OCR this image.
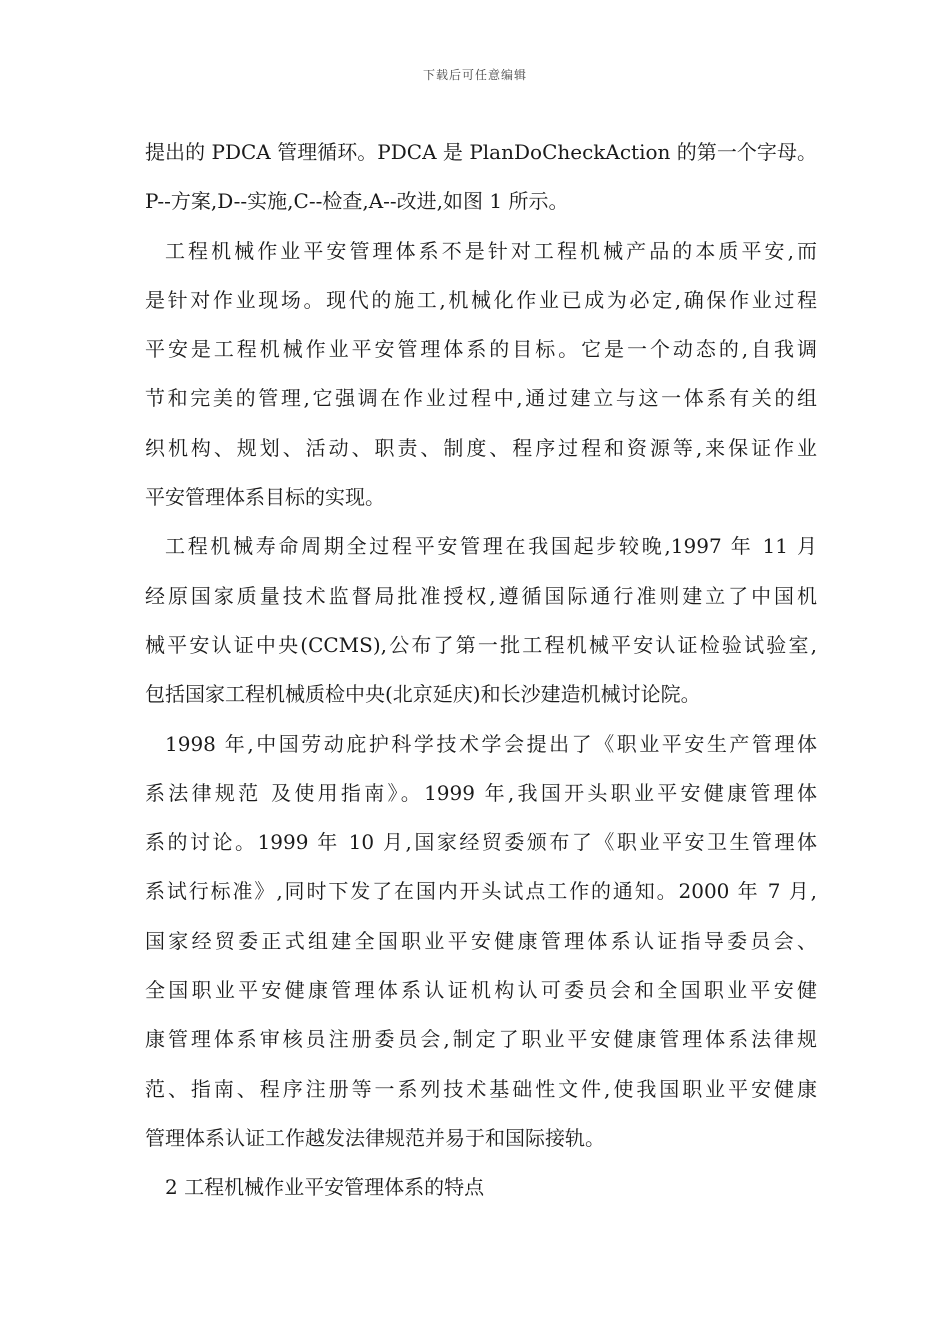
下载后可任意编辑
提出的 PDCA 管理循环。PDCA 是 PlanDoCheckAction 的第一个字母。
P--方案,D--实施,C--检查,A--改进,如图 1 所示。
工程机械作业平安管理体系不是针对工程机械产品的本质平安,而
是针对作业现场。现代的施工,机械化作业已成为必定,确保作业过程
平安是工程机械作业平安管理体系的目标。它是一个动态的,自我调
节和完美的管理,它强调在作业过程中,通过建立与这一体系有关的组
织机构、规划、活动、职责、制度、程序过程和资源等,来保证作业
平安管理体系目标的实现。
工程机械寿命周期全过程平安管理在我国起步较晚,1997 年 11 月
经原国家质量技术监督局批准授权,遵循国际通行准则建立了中国机
械平安认证中央(CCMS),公布了第一批工程机械平安认证检验试验室,
包括国家工程机械质检中央(北京延庆)和长沙建造机械讨论院。
1998 年,中国劳动庇护科学技术学会提出了《职业平安生产管理体
系法律规范 及使用指南》。1999 年,我国开头职业平安健康管理体
系的讨论。1999 年 10 月,国家经贸委颁布了《职业平安卫生管理体
系试行标准》,同时下发了在国内开头试点工作的通知。2000 年 7 月,
国家经贸委正式组建全国职业平安健康管理体系认证指导委员会、
全国职业平安健康管理体系认证机构认可委员会和全国职业平安健
康管理体系审核员注册委员会,制定了职业平安健康管理体系法律规
范、指南、程序注册等一系列技术基础性文件,使我国职业平安健康
管理体系认证工作越发法律规范并易于和国际接轨。
2 工程机械作业平安管理体系的特点
